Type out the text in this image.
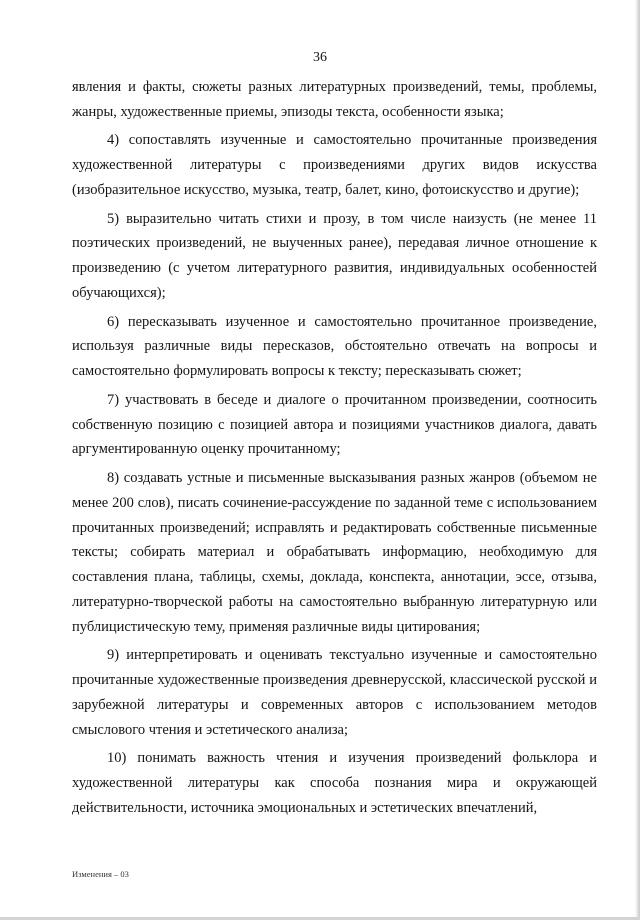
36

явления и факты, сюжеты разных литературных произведений, темы, проблемы, жанры, художественные приемы, эпизоды текста, особенности языка;

4) сопоставлять изученные и самостоятельно прочитанные произведения художественной литературы с произведениями других видов искусства (изобразительное искусство, музыка, театр, балет, кино, фотоискусство и другие);

5) выразительно читать стихи и прозу, в том числе наизусть (не менее 11 поэтических произведений, не выученных ранее), передавая личное отношение к произведению (с учетом литературного развития, индивидуальных особенностей обучающихся);

6) пересказывать изученное и самостоятельно прочитанное произведение, используя различные виды пересказов, обстоятельно отвечать на вопросы и самостоятельно формулировать вопросы к тексту; пересказывать сюжет;

7) участвовать в беседе и диалоге о прочитанном произведении, соотносить собственную позицию с позицией автора и позициями участников диалога, давать аргументированную оценку прочитанному;

8) создавать устные и письменные высказывания разных жанров (объемом не менее 200 слов), писать сочинение-рассуждение по заданной теме с использованием прочитанных произведений; исправлять и редактировать собственные письменные тексты; собирать материал и обрабатывать информацию, необходимую для составления плана, таблицы, схемы, доклада, конспекта, аннотации, эссе, отзыва, литературно-творческой работы на самостоятельно выбранную литературную или публицистическую тему, применяя различные виды цитирования;

9) интерпретировать и оценивать текстуально изученные и самостоятельно прочитанные художественные произведения древнерусской, классической русской и зарубежной литературы и современных авторов с использованием методов смыслового чтения и эстетического анализа;

10) понимать важность чтения и изучения произведений фольклора и художественной литературы как способа познания мира и окружающей действительности, источника эмоциональных и эстетических впечатлений,

Изменения – 03
